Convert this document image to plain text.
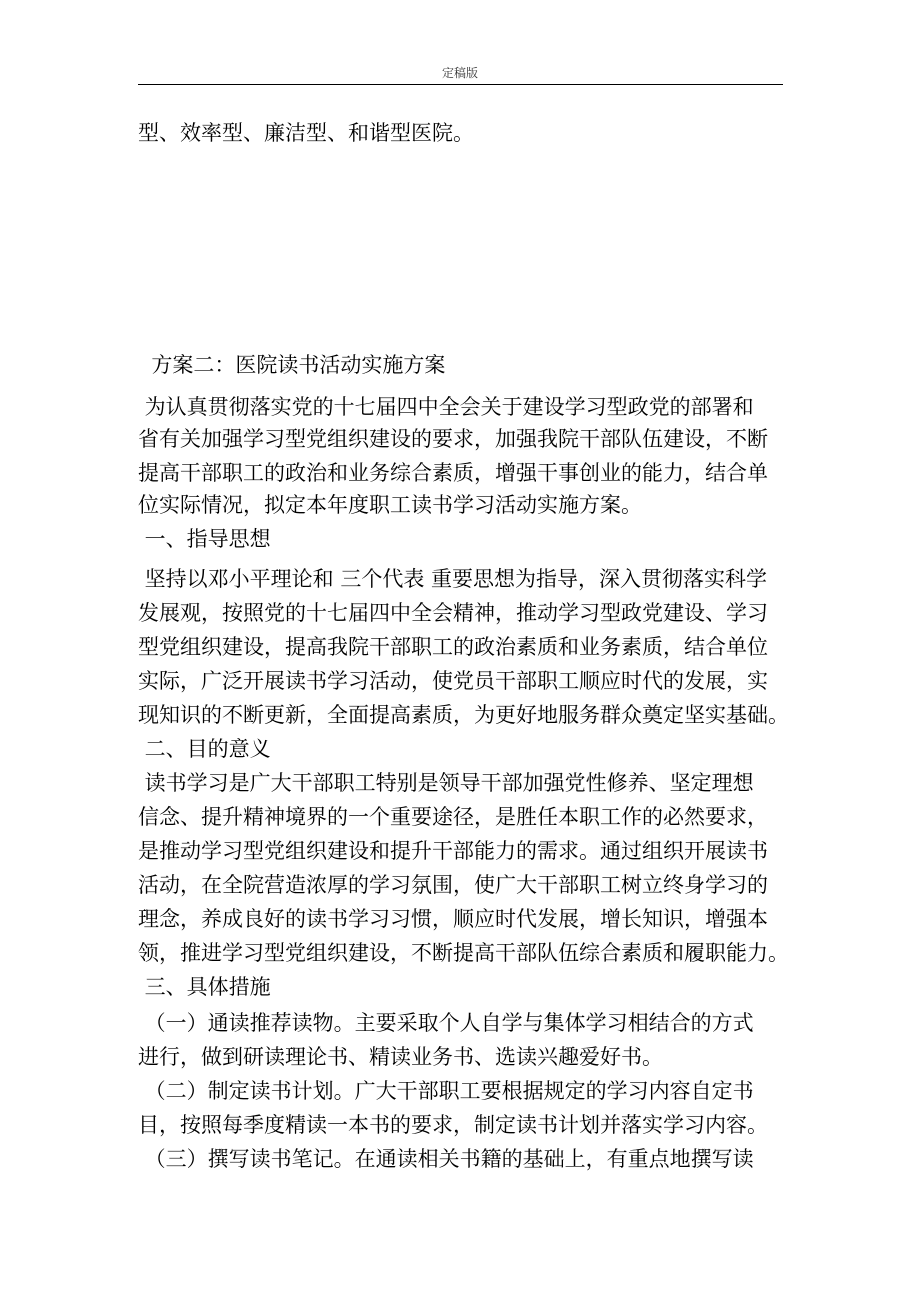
定稿版
型、效率型、廉洁型、和谐型医院。
方案二：医院读书活动实施方案
为认真贯彻落实党的十七届四中全会关于建设学习型政党的部署和
省有关加强学习型党组织建设的要求，加强我院干部队伍建设，不断
提高干部职工的政治和业务综合素质，增强干事创业的能力，结合单
位实际情况，拟定本年度职工读书学习活动实施方案。
一、指导思想
坚持以邓小平理论和 三个代表 重要思想为指导，深入贯彻落实科学
发展观，按照党的十七届四中全会精神，推动学习型政党建设、学习
型党组织建设，提高我院干部职工的政治素质和业务素质，结合单位
实际，广泛开展读书学习活动，使党员干部职工顺应时代的发展，实
现知识的不断更新，全面提高素质，为更好地服务群众奠定坚实基础。
二、目的意义
读书学习是广大干部职工特别是领导干部加强党性修养、坚定理想
信念、提升精神境界的一个重要途径，是胜任本职工作的必然要求，
是推动学习型党组织建设和提升干部能力的需求。通过组织开展读书
活动，在全院营造浓厚的学习氛围，使广大干部职工树立终身学习的
理念，养成良好的读书学习习惯，顺应时代发展，增长知识，增强本
领，推进学习型党组织建设，不断提高干部队伍综合素质和履职能力。
三、具体措施
（一）通读推荐读物。主要采取个人自学与集体学习相结合的方式
进行，做到研读理论书、精读业务书、选读兴趣爱好书。
（二）制定读书计划。广大干部职工要根据规定的学习内容自定书
目，按照每季度精读一本书的要求，制定读书计划并落实学习内容。
（三）撰写读书笔记。在通读相关书籍的基础上，有重点地撰写读
